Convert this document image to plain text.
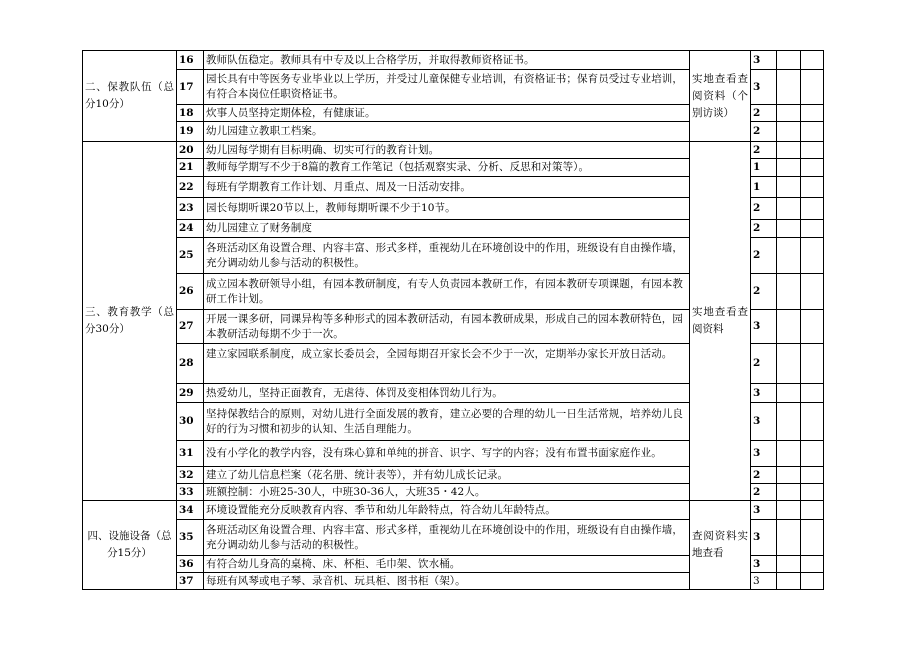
二、保教队伍（总分10分）	16	教师队伍稳定。教师具有中专及以上合格学历，并取得教师资格证书。	实地查看查阅资料（个别访谈）	3		
	17	园长具有中等医务专业毕业以上学历，并受过儿童保健专业培训，有资格证书；保育员受过专业培训，有符合本岗位任职资格证书。		3		
	18	炊事人员坚持定期体检，有健康证。		2		
	19	幼儿园建立教职工档案。		2		
三、教育教学（总分30分）	20	幼儿园每学期有目标明确、切实可行的教育计划。	实地查看查阅资料	2		
	21	教师每学期写不少于8篇的教育工作笔记（包括观察实录、分析、反思和对策等）。		1		
	22	每班有学期教育工作计划、月重点、周及一日活动安排。		1		
	23	园长每期听课20节以上，教师每期听课不少于10节。		2		
	24	幼儿园建立了财务制度		2		
	25	各班活动区角设置合理、内容丰富、形式多样，重视幼儿在环境创设中的作用，班级设有自由操作墙，充分调动幼儿参与活动的积极性。		2		
	26	成立园本教研领导小组，有园本教研制度，有专人负责园本教研工作，有园本教研专项课题，有园本教研工作计划。		2		
	27	开展一课多研，同课异构等多种形式的园本教研活动，有园本教研成果，形成自己的园本教研特色，园本教研活动每期不少于一次。		3		
	28	建立家园联系制度，成立家长委员会，全园每期召开家长会不少于一次，定期举办家长开放日活动。		2		
	29	热爱幼儿，坚持正面教育，无虐待、体罚及变相体罚幼儿行为。		3		
	30	坚持保教结合的原则，对幼儿进行全面发展的教育，建立必要的合理的幼儿一日生活常规，培养幼儿良好的行为习惯和初步的认知、生活自理能力。		3		
	31	没有小学化的教学内容，没有珠心算和单纯的拼音、识字、写字的内容；没有布置书面家庭作业。		3		
	32	建立了幼儿信息栏案（花名册、统计表等），并有幼儿成长记录。		2		
	33	班额控制：小班25-30人，中班30-36人，大班35・42人。		2		
四、设施设备（总分15分）	34	环境设置能充分反映教育内容、季节和幼儿年龄特点，符合幼儿年龄特点。	查阅资料实地查看	3		
	35	各班活动区角设置合理、内容丰富、形式多样，重视幼儿在环境创设中的作用，班级设有自由操作墙，充分调动幼儿参与活动的积极性。		3		
	36	有符合幼儿身高的桌椅、床、杯柜、毛巾架、饮水桶。		3		
	37	每班有风琴或电子琴、录音机、玩具柜、图书柜（架）。		3		
